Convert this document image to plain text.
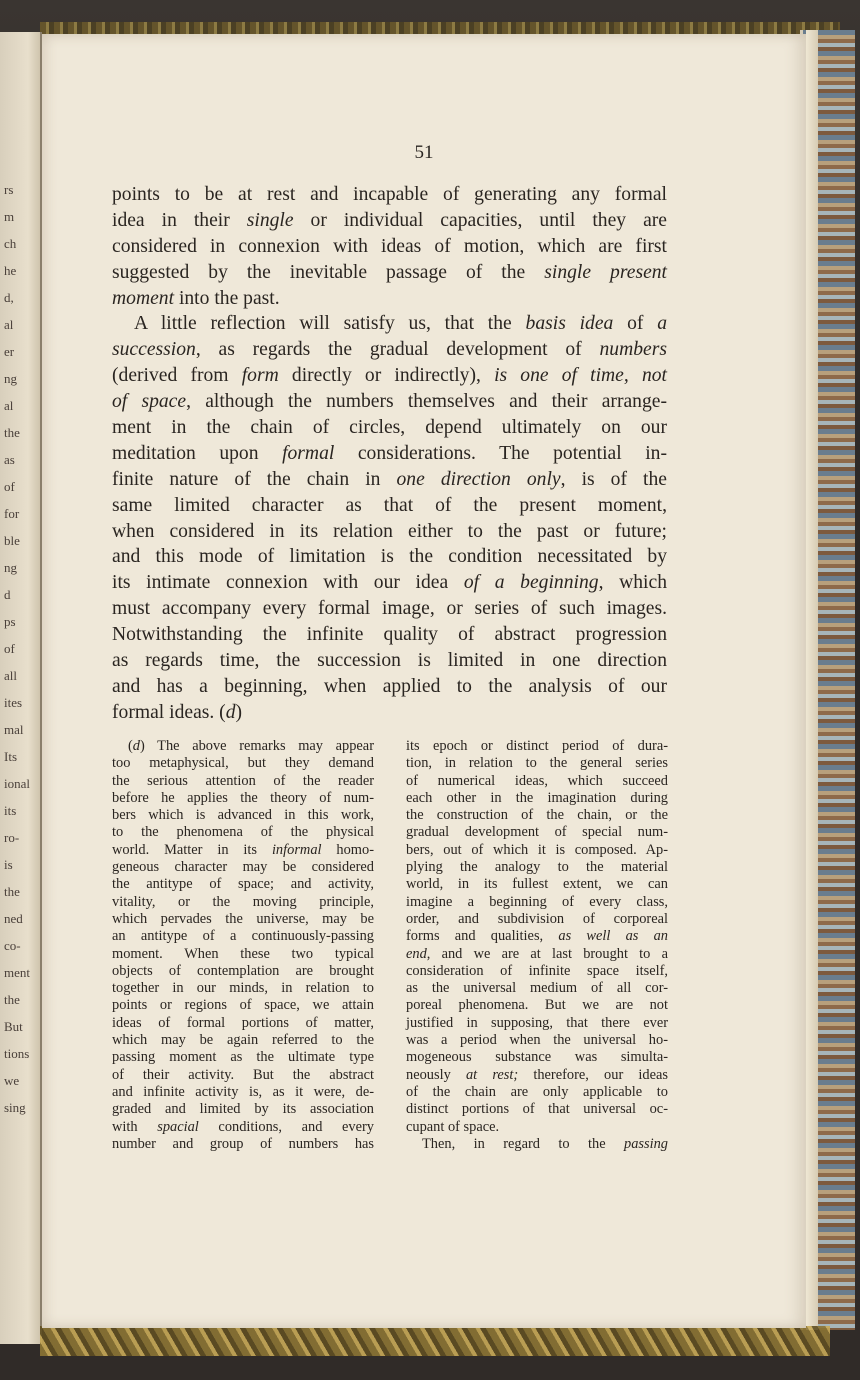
rs
m
ch
he
d,
al
er
ng
al
the
as
of
for
ble
ng
d
ps
of
all
ites
mal
Its
ional
its
ro-
is
the
ned
co-
ment
the
But
tions
we
sing
51
points to be at rest and incapable of generating any formal
idea in their single or individual capacities, until they are
considered in connexion with ideas of motion, which are first
suggested by the inevitable passage of the single present
moment into the past.
A little reflection will satisfy us, that the basis idea of a
succession, as regards the gradual development of numbers
(derived from form directly or indirectly), is one of time, not
of space, although the numbers themselves and their arrange-
ment in the chain of circles, depend ultimately on our
meditation upon formal considerations. The potential in-
finite nature of the chain in one direction only, is of the
same limited character as that of the present moment,
when considered in its relation either to the past or future;
and this mode of limitation is the condition necessitated by
its intimate connexion with our idea of a beginning, which
must accompany every formal image, or series of such images.
Notwithstanding the infinite quality of abstract progression
as regards time, the succession is limited in one direction
and has a beginning, when applied to the analysis of our
formal ideas. (d)
(d) The above remarks may appear
too metaphysical, but they demand
the serious attention of the reader
before he applies the theory of num-
bers which is advanced in this work,
to the phenomena of the physical
world. Matter in its informal homo-
geneous character may be considered
the antitype of space; and activity,
vitality, or the moving principle,
which pervades the universe, may be
an antitype of a continuously-passing
moment. When these two typical
objects of contemplation are brought
together in our minds, in relation to
points or regions of space, we attain
ideas of formal portions of matter,
which may be again referred to the
passing moment as the ultimate type
of their activity. But the abstract
and infinite activity is, as it were, de-
graded and limited by its association
with spacial conditions, and every
number and group of numbers has
its epoch or distinct period of dura-
tion, in relation to the general series
of numerical ideas, which succeed
each other in the imagination during
the construction of the chain, or the
gradual development of special num-
bers, out of which it is composed. Ap-
plying the analogy to the material
world, in its fullest extent, we can
imagine a beginning of every class,
order, and subdivision of corporeal
forms and qualities, as well as an
end, and we are at last brought to a
consideration of infinite space itself,
as the universal medium of all cor-
poreal phenomena. But we are not
justified in supposing, that there ever
was a period when the universal ho-
mogeneous substance was simulta-
neously at rest; therefore, our ideas
of the chain are only applicable to
distinct portions of that universal oc-
cupant of space.
Then, in regard to the passing
